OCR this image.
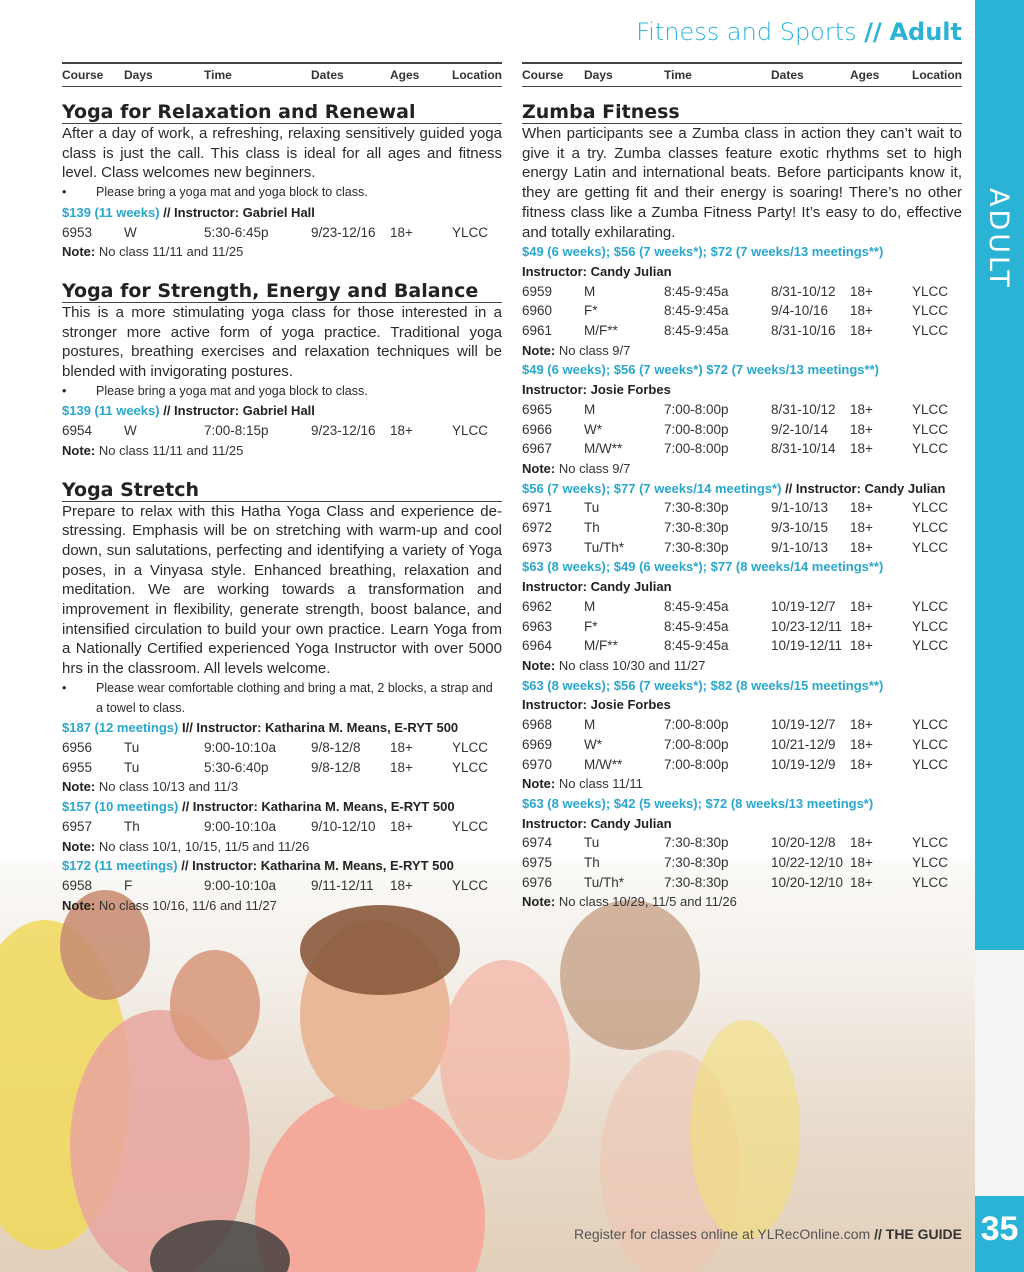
ADULT
35
Fitness and Sports // Adult
Register for classes online at YLRecOnline.com // THE GUIDE
Course	Days	Time	Dates	Ages	Location
Yoga for Relaxation and Renewal

After a day of work, a refreshing, relaxing sensitively guided yoga class is just the call. This class is ideal for all ages and fitness level. Class welcomes new beginners.

•	Please bring a yoga mat and yoga block to class.
$139 (11 weeks) // Instructor: Gabriel Hall
6953	W	5:30-6:45p	9/23-12/16	18+	YLCC
Note: No class 11/11 and 11/25
Yoga for Strength, Energy and Balance

This is a more stimulating yoga class for those interested in a stronger more active form of yoga practice. Traditional yoga postures, breathing exercises and relaxation techniques will be blended with invigorating postures.

•	Please bring a yoga mat and yoga block to class.
$139 (11 weeks) // Instructor: Gabriel Hall
6954	W	7:00-8:15p	9/23-12/16	18+	YLCC
Note: No class 11/11 and 11/25
Yoga Stretch

Prepare to relax with this Hatha Yoga Class and experience de-stressing. Emphasis will be on stretching with warm-up and cool down, sun salutations, perfecting and identifying a variety of Yoga poses, in a Vinyasa style. Enhanced breathing, relaxation and meditation. We are working towards a transformation and improvement in flexibility, generate strength, boost balance, and intensified circulation to build your own practice. Learn Yoga from a Nationally Certified experienced Yoga Instructor with over 5000 hrs in the classroom. All levels welcome.

•	Please wear comfortable clothing and bring a mat, 2 blocks, a strap and a towel to class.
$187 (12 meetings) I// Instructor: Katharina M. Means, E-RYT 500
6956	Tu	9:00-10:10a	9/8-12/8	18+	YLCC
6955	Tu	5:30-6:40p	9/8-12/8	18+	YLCC
Note: No class 10/13 and 11/3
$157 (10 meetings) // Instructor: Katharina M. Means, E-RYT 500
6957	Th	9:00-10:10a	9/10-12/10	18+	YLCC
Note: No class 10/1, 10/15, 11/5 and 11/26
$172 (11 meetings) // Instructor: Katharina M. Means, E-RYT 500
6958	F	9:00-10:10a	9/11-12/11	18+	YLCC
Note: No class 10/16, 11/6 and 11/27
Course	Days	Time	Dates	Ages	Location
Zumba Fitness

When participants see a Zumba class in action they can’t wait to give it a try. Zumba classes feature exotic rhythms set to high energy Latin and international beats. Before participants know it, they are getting fit and their energy is soaring! There’s no other fitness class like a Zumba Fitness Party! It’s easy to do, effective and totally exhilarating.

$49 (6 weeks); $56 (7 weeks*); $72 (7 weeks/13 meetings**)
Instructor: Candy Julian
6959	M	8:45-9:45a	8/31-10/12	18+	YLCC
6960	F*	8:45-9:45a	9/4-10/16	18+	YLCC
6961	M/F**	8:45-9:45a	8/31-10/16	18+	YLCC
Note: No class 9/7
$49 (6 weeks); $56 (7 weeks*) $72 (7 weeks/13 meetings**)
Instructor: Josie Forbes
6965	M	7:00-8:00p	8/31-10/12	18+	YLCC
6966	W*	7:00-8:00p	9/2-10/14	18+	YLCC
6967	M/W**	7:00-8:00p	8/31-10/14	18+	YLCC
Note: No class 9/7
$56 (7 weeks); $77 (7 weeks/14 meetings*) // Instructor: Candy Julian
6971	Tu	7:30-8:30p	9/1-10/13	18+	YLCC
6972	Th	7:30-8:30p	9/3-10/15	18+	YLCC
6973	Tu/Th*	7:30-8:30p	9/1-10/13	18+	YLCC
$63 (8 weeks); $49 (6 weeks*); $77 (8 weeks/14 meetings**)
Instructor: Candy Julian
6962	M	8:45-9:45a	10/19-12/7	18+	YLCC
6963	F*	8:45-9:45a	10/23-12/11 18+	YLCC
6964	M/F**	8:45-9:45a	10/19-12/11 18+	YLCC
Note: No class 10/30 and 11/27
$63 (8 weeks); $56 (7 weeks*); $82 (8 weeks/15 meetings**)
Instructor: Josie Forbes
6968	M	7:00-8:00p	10/19-12/7	18+	YLCC
6969	W*	7:00-8:00p	10/21-12/9	18+	YLCC
6970	M/W**	7:00-8:00p	10/19-12/9	18+	YLCC
Note: No class 11/11
$63 (8 weeks); $42 (5 weeks); $72 (8 weeks/13 meetings*)
Instructor: Candy Julian
6974	Tu	7:30-8:30p	10/20-12/8	18+	YLCC
6975	Th	7:30-8:30p	10/22-12/10 18+	YLCC
6976	Tu/Th*	7:30-8:30p	10/20-12/10 18+	YLCC
Note: No class 10/29, 11/5 and 11/26
